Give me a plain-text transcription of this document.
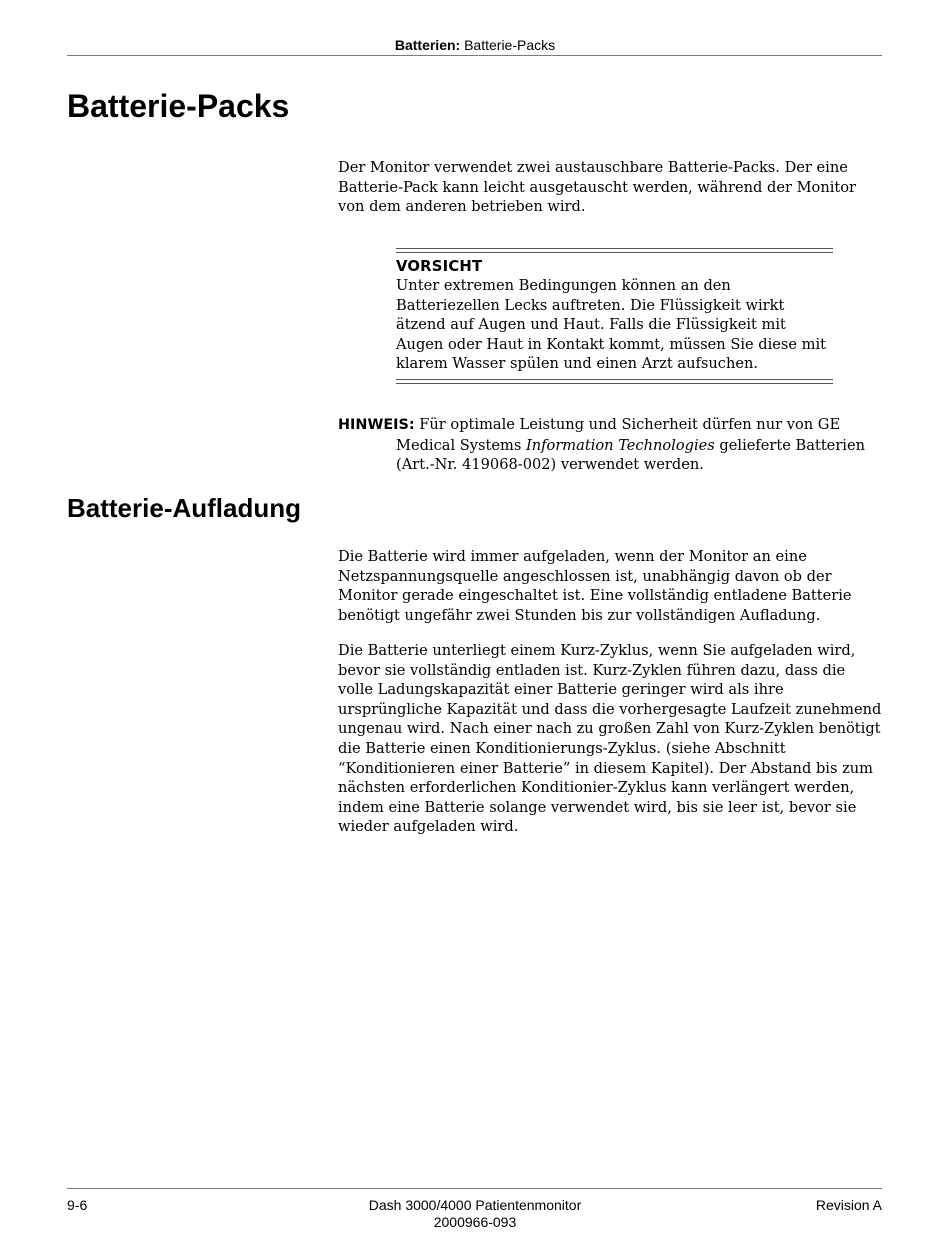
Batterien: Batterie-Packs
Batterie-Packs

Der Monitor verwendet zwei austauschbare Batterie-Packs. Der eine Batterie-Pack kann leicht ausgetauscht werden, während der Monitor von dem anderen betrieben wird.

VORSICHT

Unter extremen Bedingungen können an den Batteriezellen Lecks auftreten. Die Flüssigkeit wirkt ätzend auf Augen und Haut. Falls die Flüssigkeit mit Augen oder Haut in Kontakt kommt, müssen Sie diese mit klarem Wasser spülen und einen Arzt aufsuchen.

HINWEIS: Für optimale Leistung und Sicherheit dürfen nur von GE
Medical Systems Information Technologies gelieferte Batterien
(Art.-Nr. 419068-002) verwendet werden.
Batterie-Aufladung

Die Batterie wird immer aufgeladen, wenn der Monitor an eine Netzspannungsquelle angeschlossen ist, unabhängig davon ob der Monitor gerade eingeschaltet ist. Eine vollständig entladene Batterie benötigt ungefähr zwei Stunden bis zur vollständigen Aufladung.

Die Batterie unterliegt einem Kurz-Zyklus, wenn Sie aufgeladen wird, bevor sie vollständig entladen ist. Kurz-Zyklen führen dazu, dass die volle Ladungskapazität einer Batterie geringer wird als ihre ursprüngliche Kapazität und dass die vorhergesagte Laufzeit zunehmend ungenau wird. Nach einer nach zu großen Zahl von Kurz-Zyklen benötigt die Batterie einen Konditionierungs-Zyklus. (siehe Abschnitt “Konditionieren einer Batterie” in diesem Kapitel). Der Abstand bis zum nächsten erforderlichen Konditionier-Zyklus kann verlängert werden, indem eine Batterie solange verwendet wird, bis sie leer ist, bevor sie wieder aufgeladen wird.

9-6	Dash 3000/4000 Patientenmonitor
2000966-093
Revision A
